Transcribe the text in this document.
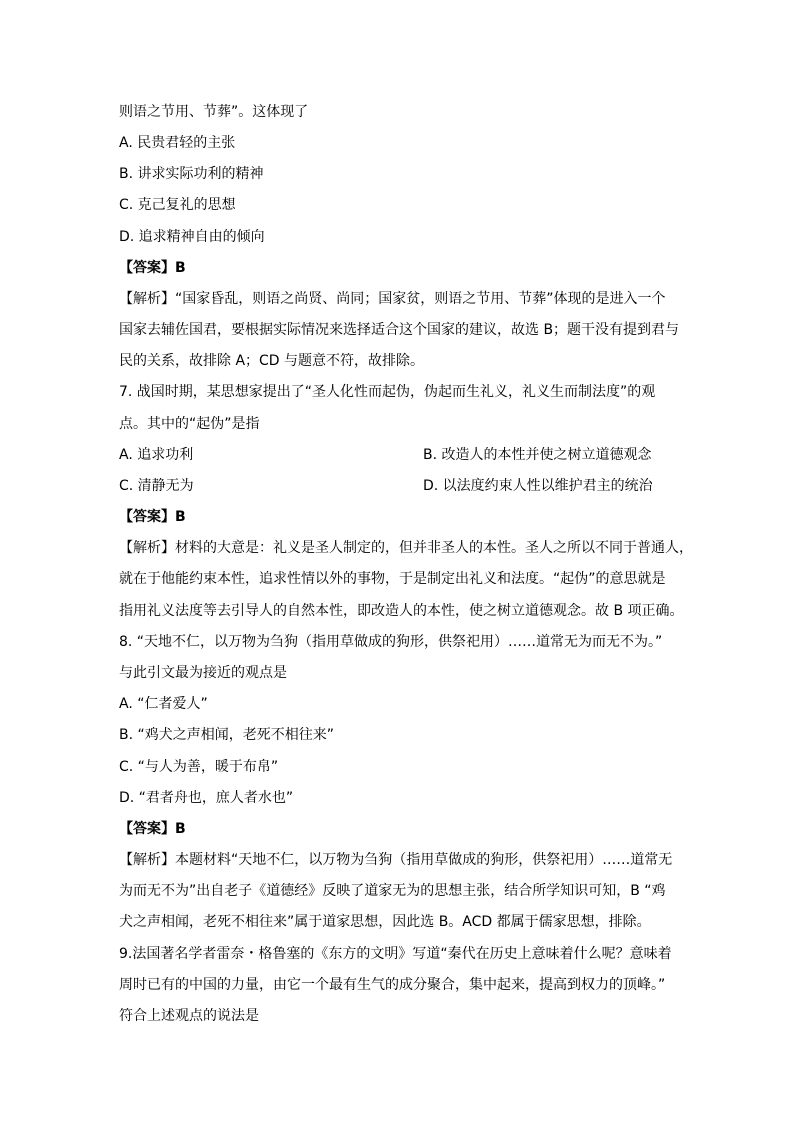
则语之节用、节葬”。这体现了
A. 民贵君轻的主张
B. 讲求实际功利的精神
C. 克己复礼的思想
D. 追求精神自由的倾向
【答案】B
【解析】“国家昏乱，则语之尚贤、尚同；国家贫，则语之节用、节葬”体现的是进入一个
国家去辅佐国君，要根据实际情况来选择适合这个国家的建议，故选 B；题干没有提到君与
民的关系，故排除 A；CD 与题意不符，故排除。
7. 战国时期，某思想家提出了“圣人化性而起伪，伪起而生礼义，礼义生而制法度”的观
点。其中的“起伪”是指
A. 追求功利	B. 改造人的本性并使之树立道德观念
C. 清静无为	D. 以法度约束人性以维护君主的统治
【答案】B
【解析】材料的大意是：礼义是圣人制定的，但并非圣人的本性。圣人之所以不同于普通人，
就在于他能约束本性，追求性情以外的事物，于是制定出礼义和法度。“起伪”的意思就是
指用礼义法度等去引导人的自然本性，即改造人的本性，使之树立道德观念。故 B 项正确。
8. “天地不仁，以万物为刍狗（指用草做成的狗形，供祭祀用）……道常无为而无不为。”
与此引文最为接近的观点是
A. “仁者爱人”
B. “鸡犬之声相闻，老死不相往来”
C. “与人为善，暖于布帛”
D. “君者舟也，庶人者水也”
【答案】B
【解析】本题材料“天地不仁，以万物为刍狗（指用草做成的狗形，供祭祀用）……道常无
为而无不为”出自老子《道德经》反映了道家无为的思想主张，结合所学知识可知，B “鸡
犬之声相闻，老死不相往来”属于道家思想，因此选 B。ACD 都属于儒家思想，排除。
9.法国著名学者雷奈・格鲁塞的《东方的文明》写道“秦代在历史上意味着什么呢？意味着
周时已有的中国的力量，由它一个最有生气的成分聚合，集中起来，提高到权力的顶峰。”
符合上述观点的说法是
